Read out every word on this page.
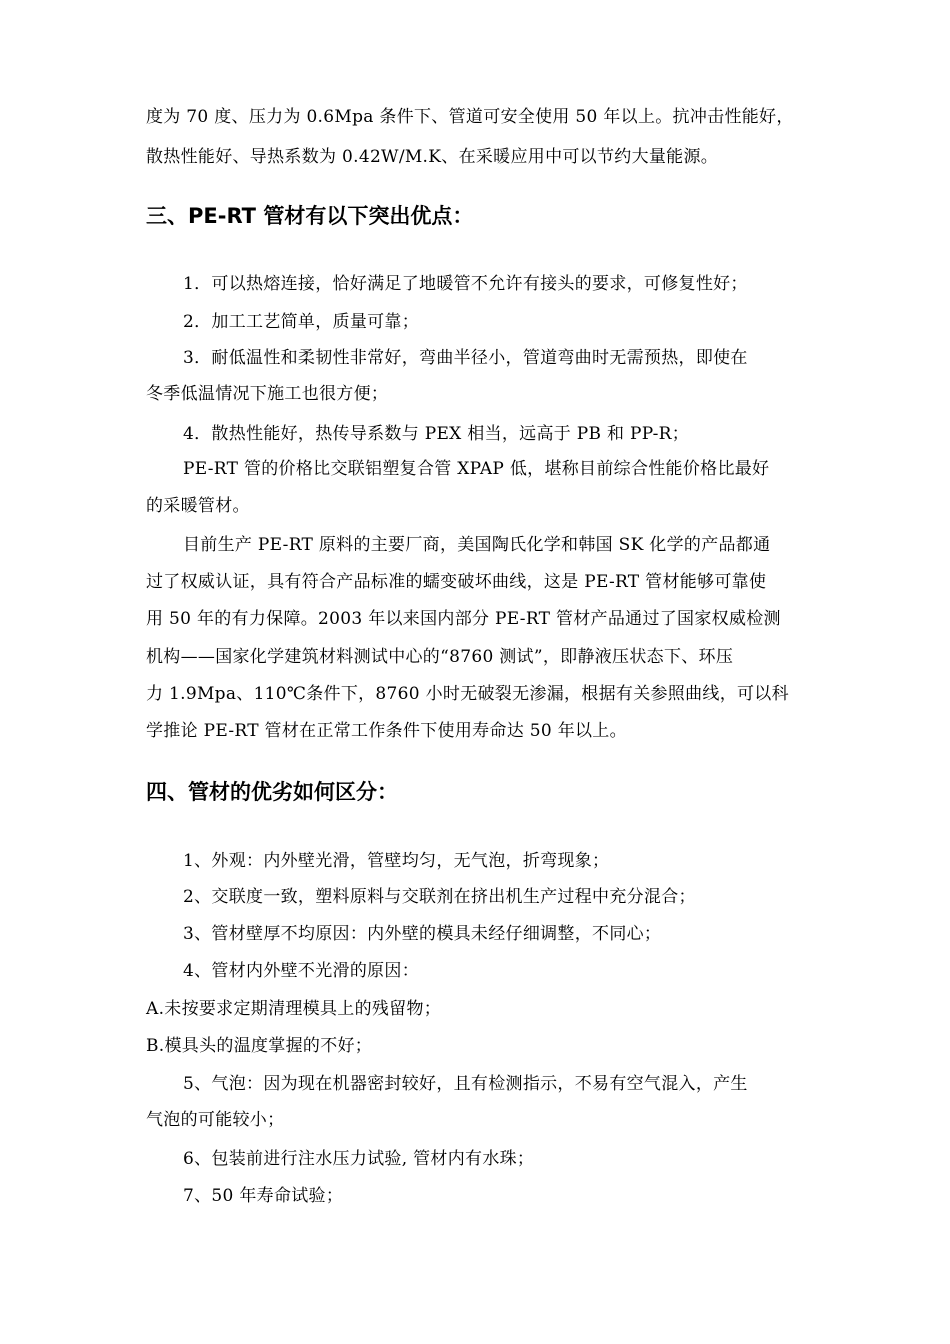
度为 70 度、压力为 0.6Mpa 条件下、管道可安全使用 50 年以上。抗冲击性能好，
散热性能好、导热系数为 0.42W/M.K、在采暖应用中可以节约大量能源。
三、PE-RT 管材有以下突出优点：
1．可以热熔连接，恰好满足了地暖管不允许有接头的要求，可修复性好；
2．加工工艺简单，质量可靠；
3．耐低温性和柔韧性非常好，弯曲半径小，管道弯曲时无需预热，即使在
冬季低温情况下施工也很方便；
4．散热性能好，热传导系数与 PEX 相当，远高于 PB 和 PP-R；
PE-RT 管的价格比交联铝塑复合管 XPAP 低，堪称目前综合性能价格比最好
的采暖管材。
目前生产 PE-RT 原料的主要厂商，美国陶氏化学和韩国 SK 化学的产品都通
过了权威认证，具有符合产品标准的蠕变破坏曲线，这是 PE-RT 管材能够可靠使
用 50 年的有力保障。2003 年以来国内部分 PE-RT 管材产品通过了国家权威检测
机构——国家化学建筑材料测试中心的“8760 测试”，即静液压状态下、环压
力 1.9Mpa、110℃条件下，8760 小时无破裂无渗漏，根据有关参照曲线，可以科
学推论 PE-RT 管材在正常工作条件下使用寿命达 50 年以上。
四、管材的优劣如何区分：
1、外观：内外壁光滑，管壁均匀，无气泡，折弯现象；
2、交联度一致，塑料原料与交联剂在挤出机生产过程中充分混合；
3、管材壁厚不均原因：内外壁的模具未经仔细调整，不同心；
4、管材内外壁不光滑的原因：
A.未按要求定期清理模具上的残留物；
B.模具头的温度掌握的不好；
5、气泡：因为现在机器密封较好，且有检测指示，不易有空气混入，产生
气泡的可能较小；
6、包装前进行注水压力试验, 管材内有水珠；
7、50 年寿命试验；
